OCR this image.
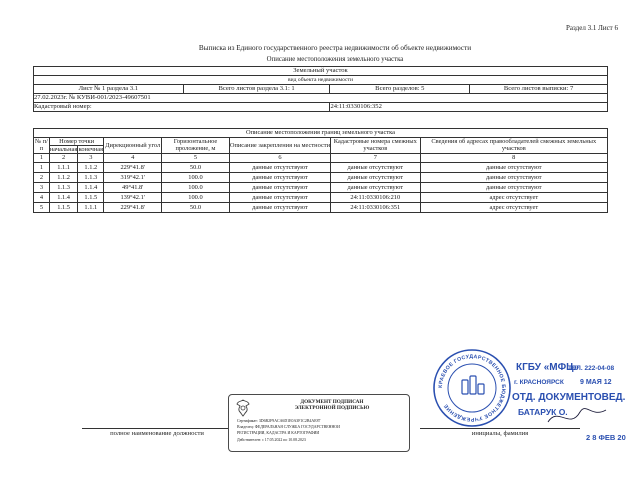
Раздел 3.1 Лист 6
Выписка из Единого государственного реестра недвижимости об объекте недвижимости
Описание местоположения земельного участка
Земельный участок			
вид объекта недвижимости			
Лист № 1 раздела 3.1	Всего листов раздела 3.1: 1	Всего разделов: 5	Всего листов выписки: 7
27.02.2023г. № КУВИ-001/2023-49607501			
Кадастровый номер:		24:11:0330106:352	
Описание местоположения границ земельного участка							
№ п/п	Номер точки		Дирекционный угол	Горизонтальное проложение, м	Описание закрепления на местности	Кадастровые номера смежных участков	Сведения об адресах правообладателей смежных земельных участков
	начальная	конечная					
1	2	3	4	5	6	7	8
1	1.1.1	1.1.2	229°41.8'	50.0	данные отсутствуют	данные отсутствуют	данные отсутствуют
2	1.1.2	1.1.3	319°42.1'	100.0	данные отсутствуют	данные отсутствуют	данные отсутствуют
3	1.1.3	1.1.4	49°41.8'	100.0	данные отсутствуют	данные отсутствуют	данные отсутствуют
4	1.1.4	1.1.5	139°42.1'	100.0	данные отсутствуют	24:11:0330106:210	адрес отсутствует
5	1.1.5	1.1.1	229°41.8'	50.0	данные отсутствуют	24:11:0330106:351	адрес отсутствует
полное наименование должности	инициалы, фамилия
ДОКУМЕНТ ПОДПИСАН
ЭЛЕКТРОННОЙ ПОДПИСЬЮ
Сертификат: 3D6B2F9ACA6D1E0A3F1C2B4AE87
Владелец: ФЕДЕРАЛЬНАЯ СЛУЖБА ГОСУДАРСТВЕННОЙ
РЕГИСТРАЦИИ, КАДАСТРА И КАРТОГРАФИИ
Действителен: с 17.05.2022 по 10.08.2023
КРАЕВОЕ ГОСУДАРСТВЕННОЕ БЮДЖЕТНОЕ УЧРЕЖДЕНИЕ
КГБУ «МФЦ»
ТЕЛ. 222-04-08
г. КРАСНОЯРСК 9 МАЯ 12
ОТД. ДОКУМЕНТОВЕД.
БАТАРУК О.
2 8 ФЕВ 20
